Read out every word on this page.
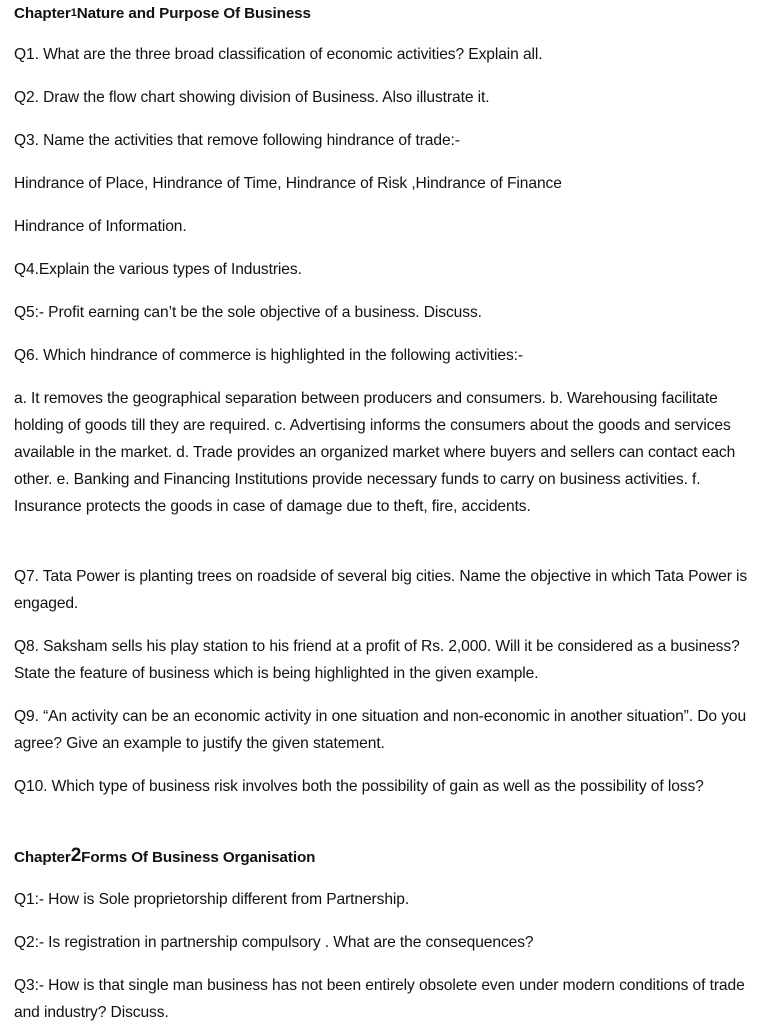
Chapter1Nature and Purpose Of Business
Q1. What are the three broad classification of economic activities? Explain all.
Q2. Draw the flow chart showing division of Business. Also illustrate it.
Q3. Name the activities that remove following hindrance of trade:-
Hindrance of Place, Hindrance of Time, Hindrance of Risk ,Hindrance of Finance
Hindrance of Information.
Q4.Explain the various types of Industries.
Q5:- Profit earning can’t be the sole objective of a business. Discuss.
Q6. Which hindrance of commerce is highlighted in the following activities:-
a. It removes the geographical separation between producers and consumers. b. Warehousing facilitate holding of goods till they are required. c. Advertising informs the consumers about the goods and services available in the market. d. Trade provides an organized market where buyers and sellers can contact each other. e. Banking and Financing Institutions provide necessary funds to carry on business activities. f. Insurance protects the goods in case of damage due to theft, fire, accidents.
Q7. Tata Power is planting trees on roadside of several big cities. Name the objective in which Tata Power is engaged.
Q8. Saksham sells his play station to his friend at a profit of Rs. 2,000. Will it be considered as a business? State the feature of business which is being highlighted in the given example.
Q9. “An activity can be an economic activity in one situation and non-economic in another situation”. Do you agree? Give an example to justify the given statement.
Q10. Which type of business risk involves both the possibility of gain as well as the possibility of loss?
Chapter2Forms Of Business Organisation
Q1:- How is Sole proprietorship different from Partnership.
Q2:- Is registration in partnership compulsory . What are the consequences?
Q3:- How is that single man business has not been entirely obsolete even under modern conditions of trade and industry? Discuss.
